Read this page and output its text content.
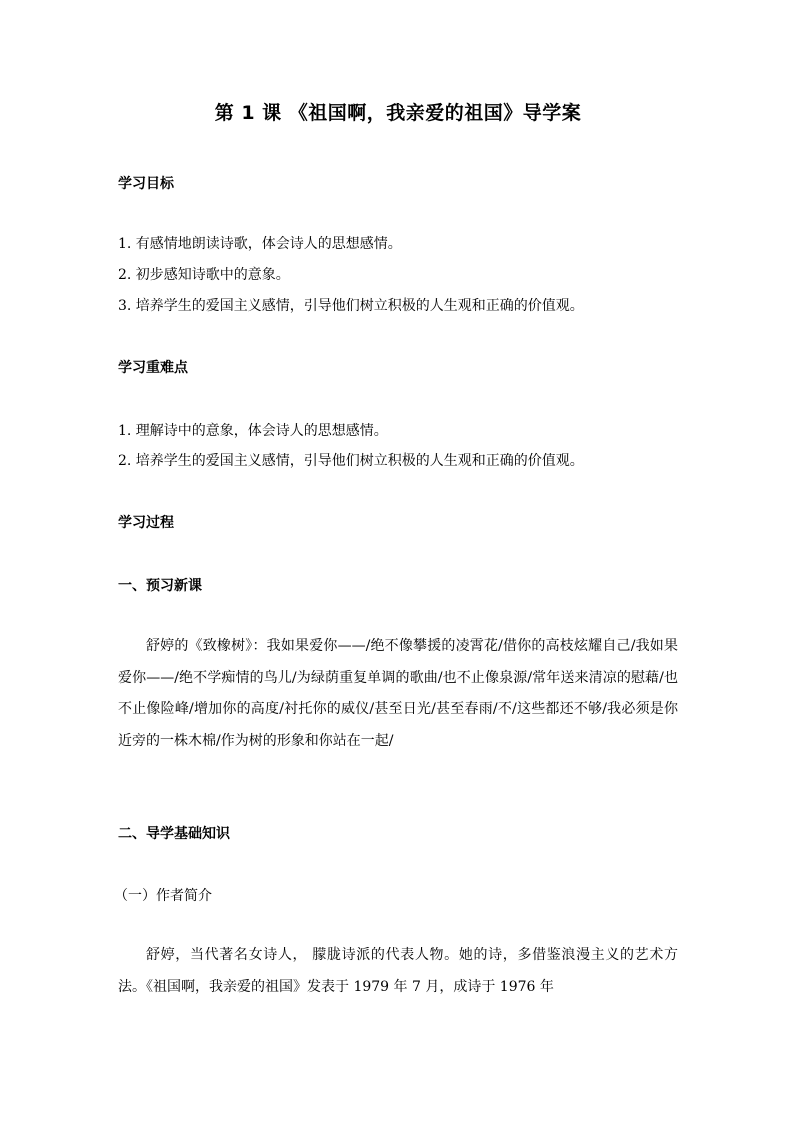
第 1 课 《祖国啊，我亲爱的祖国》导学案
学习目标
1. 有感情地朗读诗歌，体会诗人的思想感情。
2. 初步感知诗歌中的意象。
3. 培养学生的爱国主义感情，引导他们树立积极的人生观和正确的价值观。
学习重难点
1. 理解诗中的意象，体会诗人的思想感情。
2. 培养学生的爱国主义感情，引导他们树立积极的人生观和正确的价值观。
学习过程
一、预习新课
舒婷的《致橡树》：我如果爱你——/绝不像攀援的凌霄花/借你的高枝炫耀自己/我如果爱你——/绝不学痴情的鸟儿/为绿荫重复单调的歌曲/也不止像泉源/常年送来清凉的慰藉/也不止像险峰/增加你的高度/衬托你的威仪/甚至日光/甚至春雨/不/这些都还不够/我必须是你近旁的一株木棉/作为树的形象和你站在一起/
二、导学基础知识
（一）作者简介
舒婷，当代著名女诗人， 朦胧诗派的代表人物。她的诗，多借鉴浪漫主义的艺术方法。《祖国啊，我亲爱的祖国》发表于 1979 年 7 月，成诗于 1976 年
